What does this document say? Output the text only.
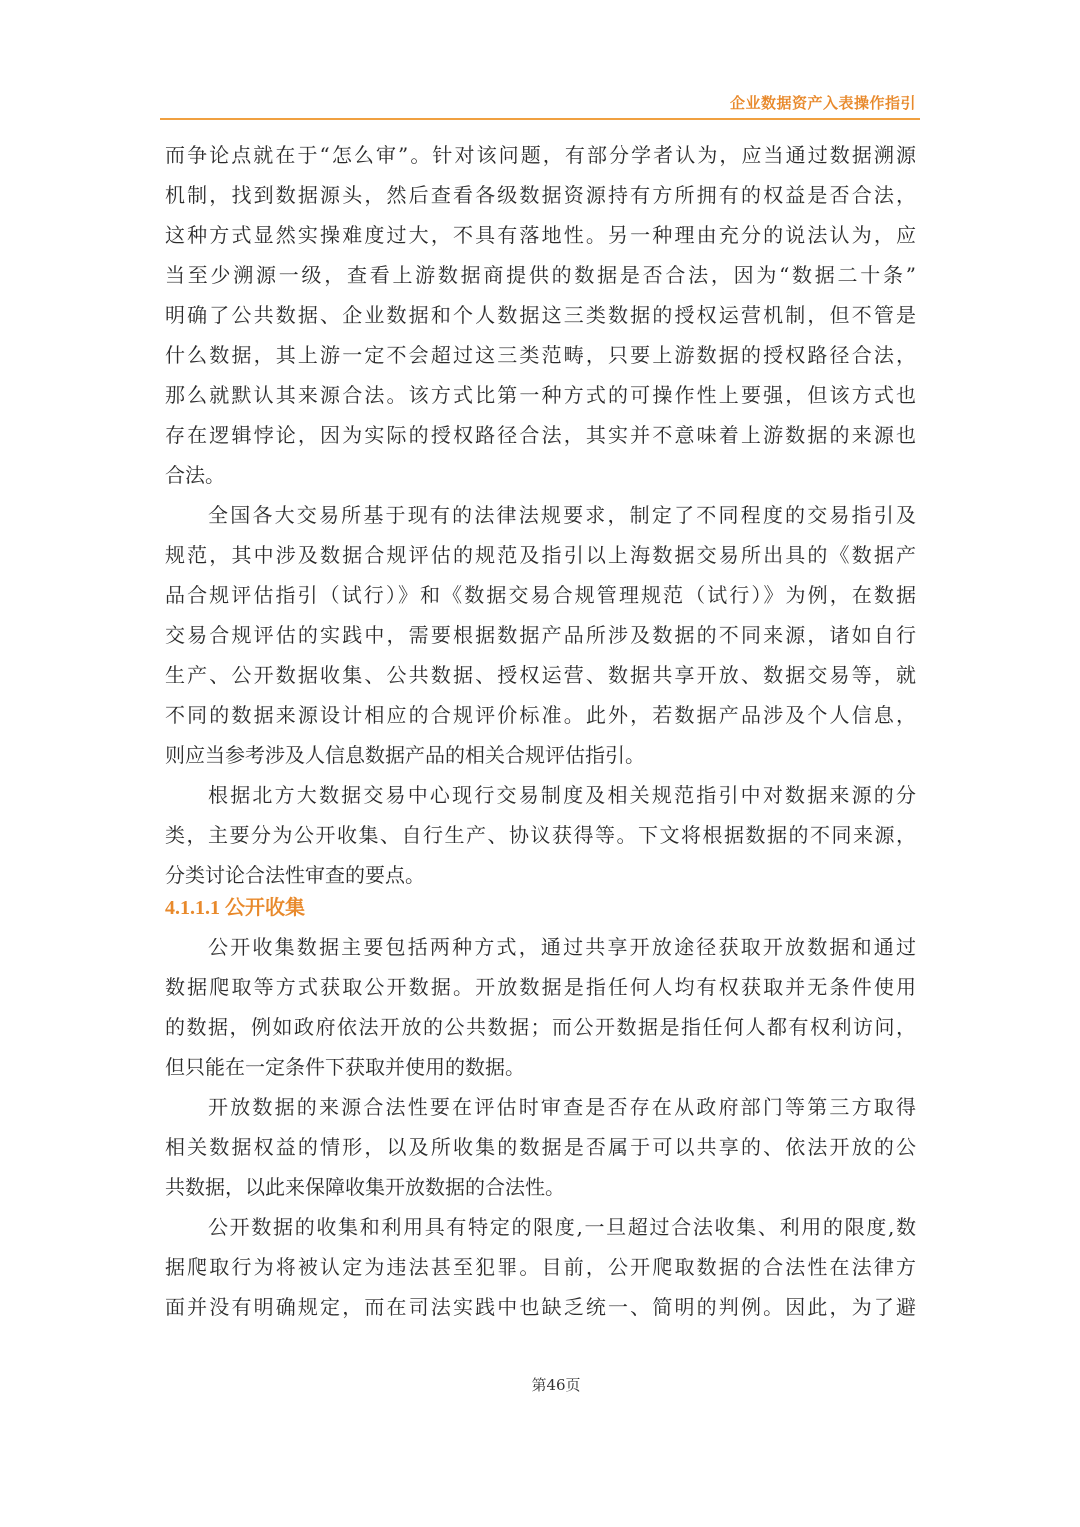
企业数据资产入表操作指引
而争论点就在于“怎么审”。针对该问题，有部分学者认为，应当通过数据溯源
机制，找到数据源头，然后查看各级数据资源持有方所拥有的权益是否合法，
这种方式显然实操难度过大，不具有落地性。另一种理由充分的说法认为，应
当至少溯源一级，查看上游数据商提供的数据是否合法，因为“数据二十条”
明确了公共数据、企业数据和个人数据这三类数据的授权运营机制，但不管是
什么数据，其上游一定不会超过这三类范畴，只要上游数据的授权路径合法，
那么就默认其来源合法。该方式比第一种方式的可操作性上要强，但该方式也
存在逻辑悖论，因为实际的授权路径合法，其实并不意味着上游数据的来源也
合法。
全国各大交易所基于现有的法律法规要求，制定了不同程度的交易指引及
规范，其中涉及数据合规评估的规范及指引以上海数据交易所出具的《数据产
品合规评估指引（试行）》和《数据交易合规管理规范（试行）》为例，在数据
交易合规评估的实践中，需要根据数据产品所涉及数据的不同来源，诸如自行
生产、公开数据收集、公共数据、授权运营、数据共享开放、数据交易等，就
不同的数据来源设计相应的合规评价标准。此外，若数据产品涉及个人信息，
则应当参考涉及人信息数据产品的相关合规评估指引。
根据北方大数据交易中心现行交易制度及相关规范指引中对数据来源的分
类，主要分为公开收集、自行生产、协议获得等。下文将根据数据的不同来源，
分类讨论合法性审查的要点。
4.1.1.1 公开收集
公开收集数据主要包括两种方式，通过共享开放途径获取开放数据和通过
数据爬取等方式获取公开数据。开放数据是指任何人均有权获取并无条件使用
的数据，例如政府依法开放的公共数据；而公开数据是指任何人都有权利访问，
但只能在一定条件下获取并使用的数据。
开放数据的来源合法性要在评估时审查是否存在从政府部门等第三方取得
相关数据权益的情形，以及所收集的数据是否属于可以共享的、依法开放的公
共数据，以此来保障收集开放数据的合法性。
公开数据的收集和利用具有特定的限度,一旦超过合法收集、利用的限度,数
据爬取行为将被认定为违法甚至犯罪。目前，公开爬取数据的合法性在法律方
面并没有明确规定，而在司法实践中也缺乏统一、简明的判例。因此，为了避
第46页
